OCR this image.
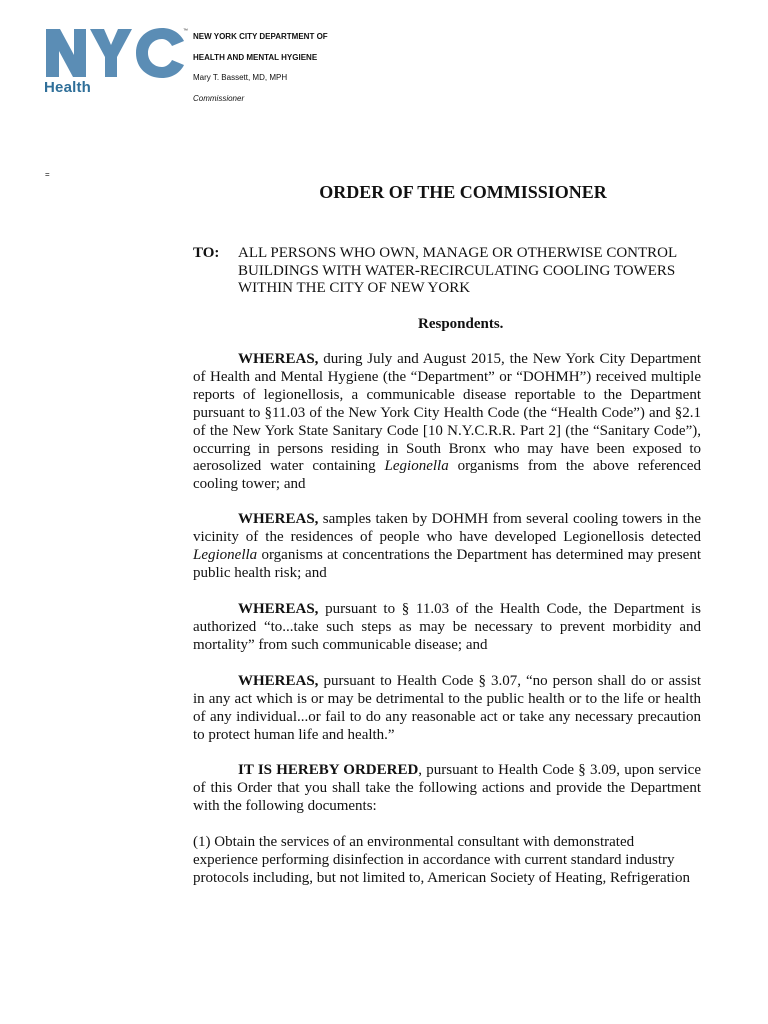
Health
™
NEW YORK CITY DEPARTMENT OF
HEALTH AND MENTAL HYGIENE
Mary T. Bassett, MD, MPH
Commissioner
=
ORDER OF THE COMMISSIONER
TO: ALL PERSONS WHO OWN, MANAGE OR OTHERWISE CONTROL BUILDINGS WITH WATER-RECIRCULATING COOLING TOWERS WITHIN THE CITY OF NEW YORK
Respondents.
WHEREAS, during July and August 2015, the New York City Department of Health and Mental Hygiene (the “Department” or “DOHMH”) received multiple reports of legionellosis, a communicable disease reportable to the Department pursuant to §11.03 of the New York City Health Code (the “Health Code”) and §2.1 of the New York State Sanitary Code [10 N.Y.C.R.R. Part 2] (the “Sanitary Code”), occurring in persons residing in South Bronx who may have been exposed to aerosolized water containing Legionella organisms from the above referenced cooling tower; and
WHEREAS, samples taken by DOHMH from several cooling towers in the vicinity of the residences of people who have developed Legionellosis detected Legionella organisms at concentrations the Department has determined may present public health risk; and
WHEREAS, pursuant to § 11.03 of the Health Code, the Department is authorized “to...take such steps as may be necessary to prevent morbidity and mortality” from such communicable disease; and
WHEREAS, pursuant to Health Code § 3.07, “no person shall do or assist in any act which is or may be detrimental to the public health or to the life or health of any individual...or fail to do any reasonable act or take any necessary precaution to protect human life and health.”
IT IS HEREBY ORDERED, pursuant to Health Code § 3.09, upon service of this Order that you shall take the following actions and provide the Department with the following documents:
(1) Obtain the services of an environmental consultant with demonstrated experience performing disinfection in accordance with current standard industry protocols including, but not limited to, American Society of Heating, Refrigeration
